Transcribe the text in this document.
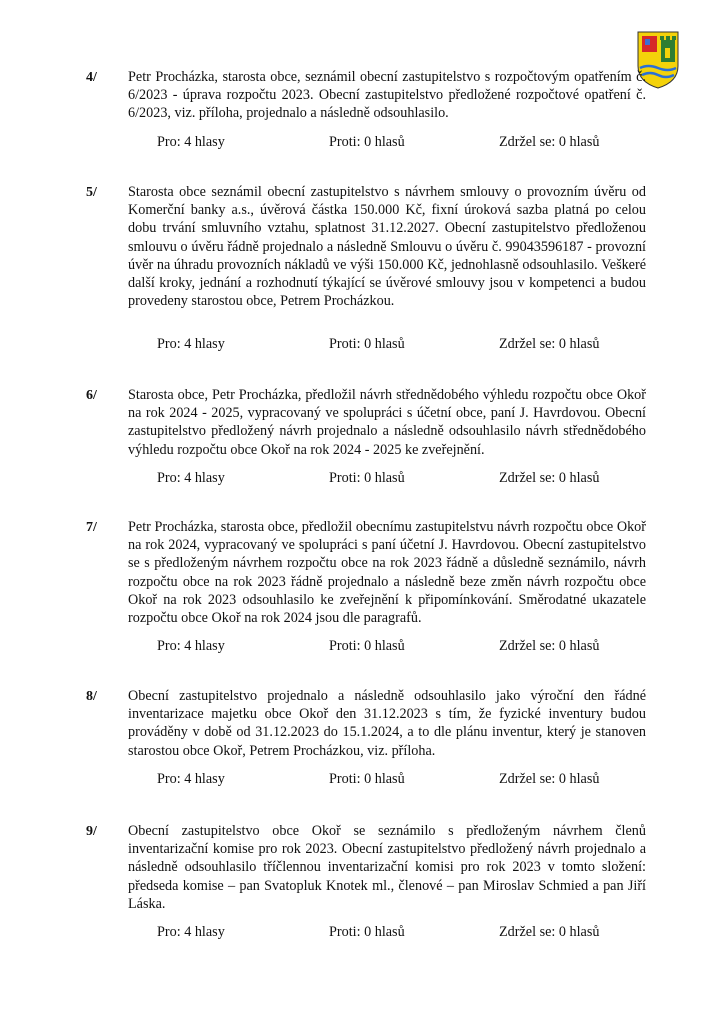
4/ Petr Procházka, starosta obce, seznámil obecní zastupitelstvo s rozpočtovým opatřením č. 6/2023 - úprava rozpočtu 2023. Obecní zastupitelstvo předložené rozpočtové opatření č. 6/2023, viz. příloha, projednalo a následně odsouhlasilo.

Pro: 4 hlasy	Proti: 0 hlasů	Zdržel se: 0 hlasů
5/ Starosta obce seznámil obecní zastupitelstvo s návrhem smlouvy o provozním úvěru od Komerční banky a.s., úvěrová částka 150.000 Kč, fixní úroková sazba platná po celou dobu trvání smluvního vztahu, splatnost 31.12.2027. Obecní zastupitelstvo předloženou smlouvu o úvěru řádně projednalo a následně Smlouvu o úvěru č. 99043596187 - provozní úvěr na úhradu provozních nákladů ve výši 150.000 Kč, jednohlasně odsouhlasilo. Veškeré další kroky, jednání a rozhodnutí týkající se úvěrové smlouvy jsou v kompetenci a budou provedeny starostou obce, Petrem Procházkou.

Pro: 4 hlasy	Proti: 0 hlasů	Zdržel se: 0 hlasů
6/ Starosta obce, Petr Procházka, předložil návrh střednědobého výhledu rozpočtu obce Okoř na rok 2024 - 2025, vypracovaný ve spolupráci s účetní obce, paní J. Havrdovou. Obecní zastupitelstvo předložený návrh projednalo a následně odsouhlasilo návrh střednědobého výhledu rozpočtu obce Okoř na rok 2024 - 2025 ke zveřejnění.

Pro: 4 hlasy	Proti: 0 hlasů	Zdržel se: 0 hlasů
7/ Petr Procházka, starosta obce, předložil obecnímu zastupitelstvu návrh rozpočtu obce Okoř na rok 2024, vypracovaný ve spolupráci s paní účetní J. Havrdovou. Obecní zastupitelstvo se s předloženým návrhem rozpočtu obce na rok 2023 řádně a důsledně seznámilo, návrh rozpočtu obce na rok 2023 řádně projednalo a následně beze změn návrh rozpočtu obce Okoř na rok 2023 odsouhlasilo ke zveřejnění k připomínkování. Směrodatné ukazatele rozpočtu obce Okoř na rok 2024 jsou dle paragrafů.

Pro: 4 hlasy	Proti: 0 hlasů	Zdržel se: 0 hlasů
8/ Obecní zastupitelstvo projednalo a následně odsouhlasilo jako výroční den řádné inventarizace majetku obce Okoř den 31.12.2023 s tím, že fyzické inventury budou prováděny v době od 31.12.2023 do 15.1.2024, a to dle plánu inventur, který je stanoven starostou obce Okoř, Petrem Procházkou, viz. příloha.

Pro: 4 hlasy	Proti: 0 hlasů	Zdržel se: 0 hlasů
9/ Obecní zastupitelstvo obce Okoř se seznámilo s předloženým návrhem členů inventarizační komise pro rok 2023. Obecní zastupitelstvo předložený návrh projednalo a následně odsouhlasilo tříčlennou inventarizační komisi pro rok 2023 v tomto složení: předseda komise – pan Svatopluk Knotek ml., členové – pan Miroslav Schmied a pan Jiří Láska.

Pro: 4 hlasy	Proti: 0 hlasů	Zdržel se: 0 hlasů
